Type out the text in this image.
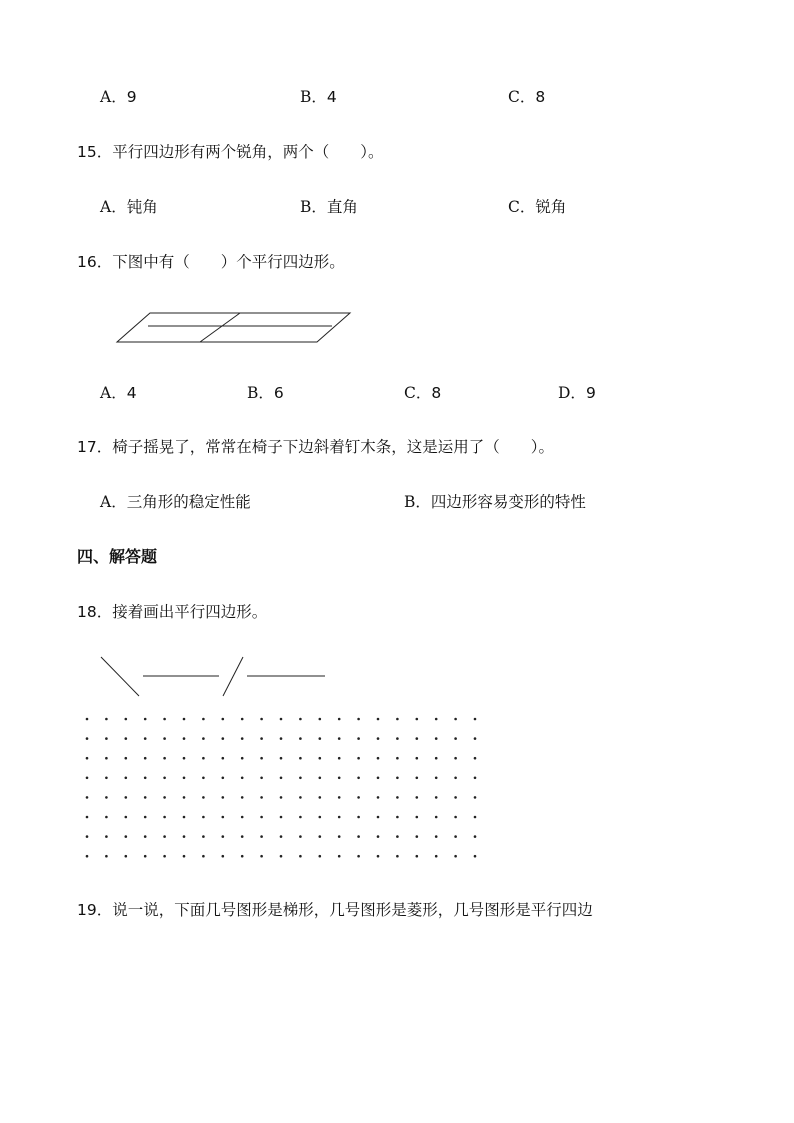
A．9	B．4	C．8
15．平行四边形有两个锐角，两个（　　）。
A．钝角	B．直角	C．锐角
16．下图中有（　　）个平行四边形。
A．4	B．6	C．8	D．9
17．椅子摇晃了，常常在椅子下边斜着钉木条，这是运用了（　　）。
A．三角形的稳定性能	B．四边形容易变形的特性
四、解答题
18．接着画出平行四边形。
19．说一说，下面几号图形是梯形，几号图形是菱形，几号图形是平行四边
